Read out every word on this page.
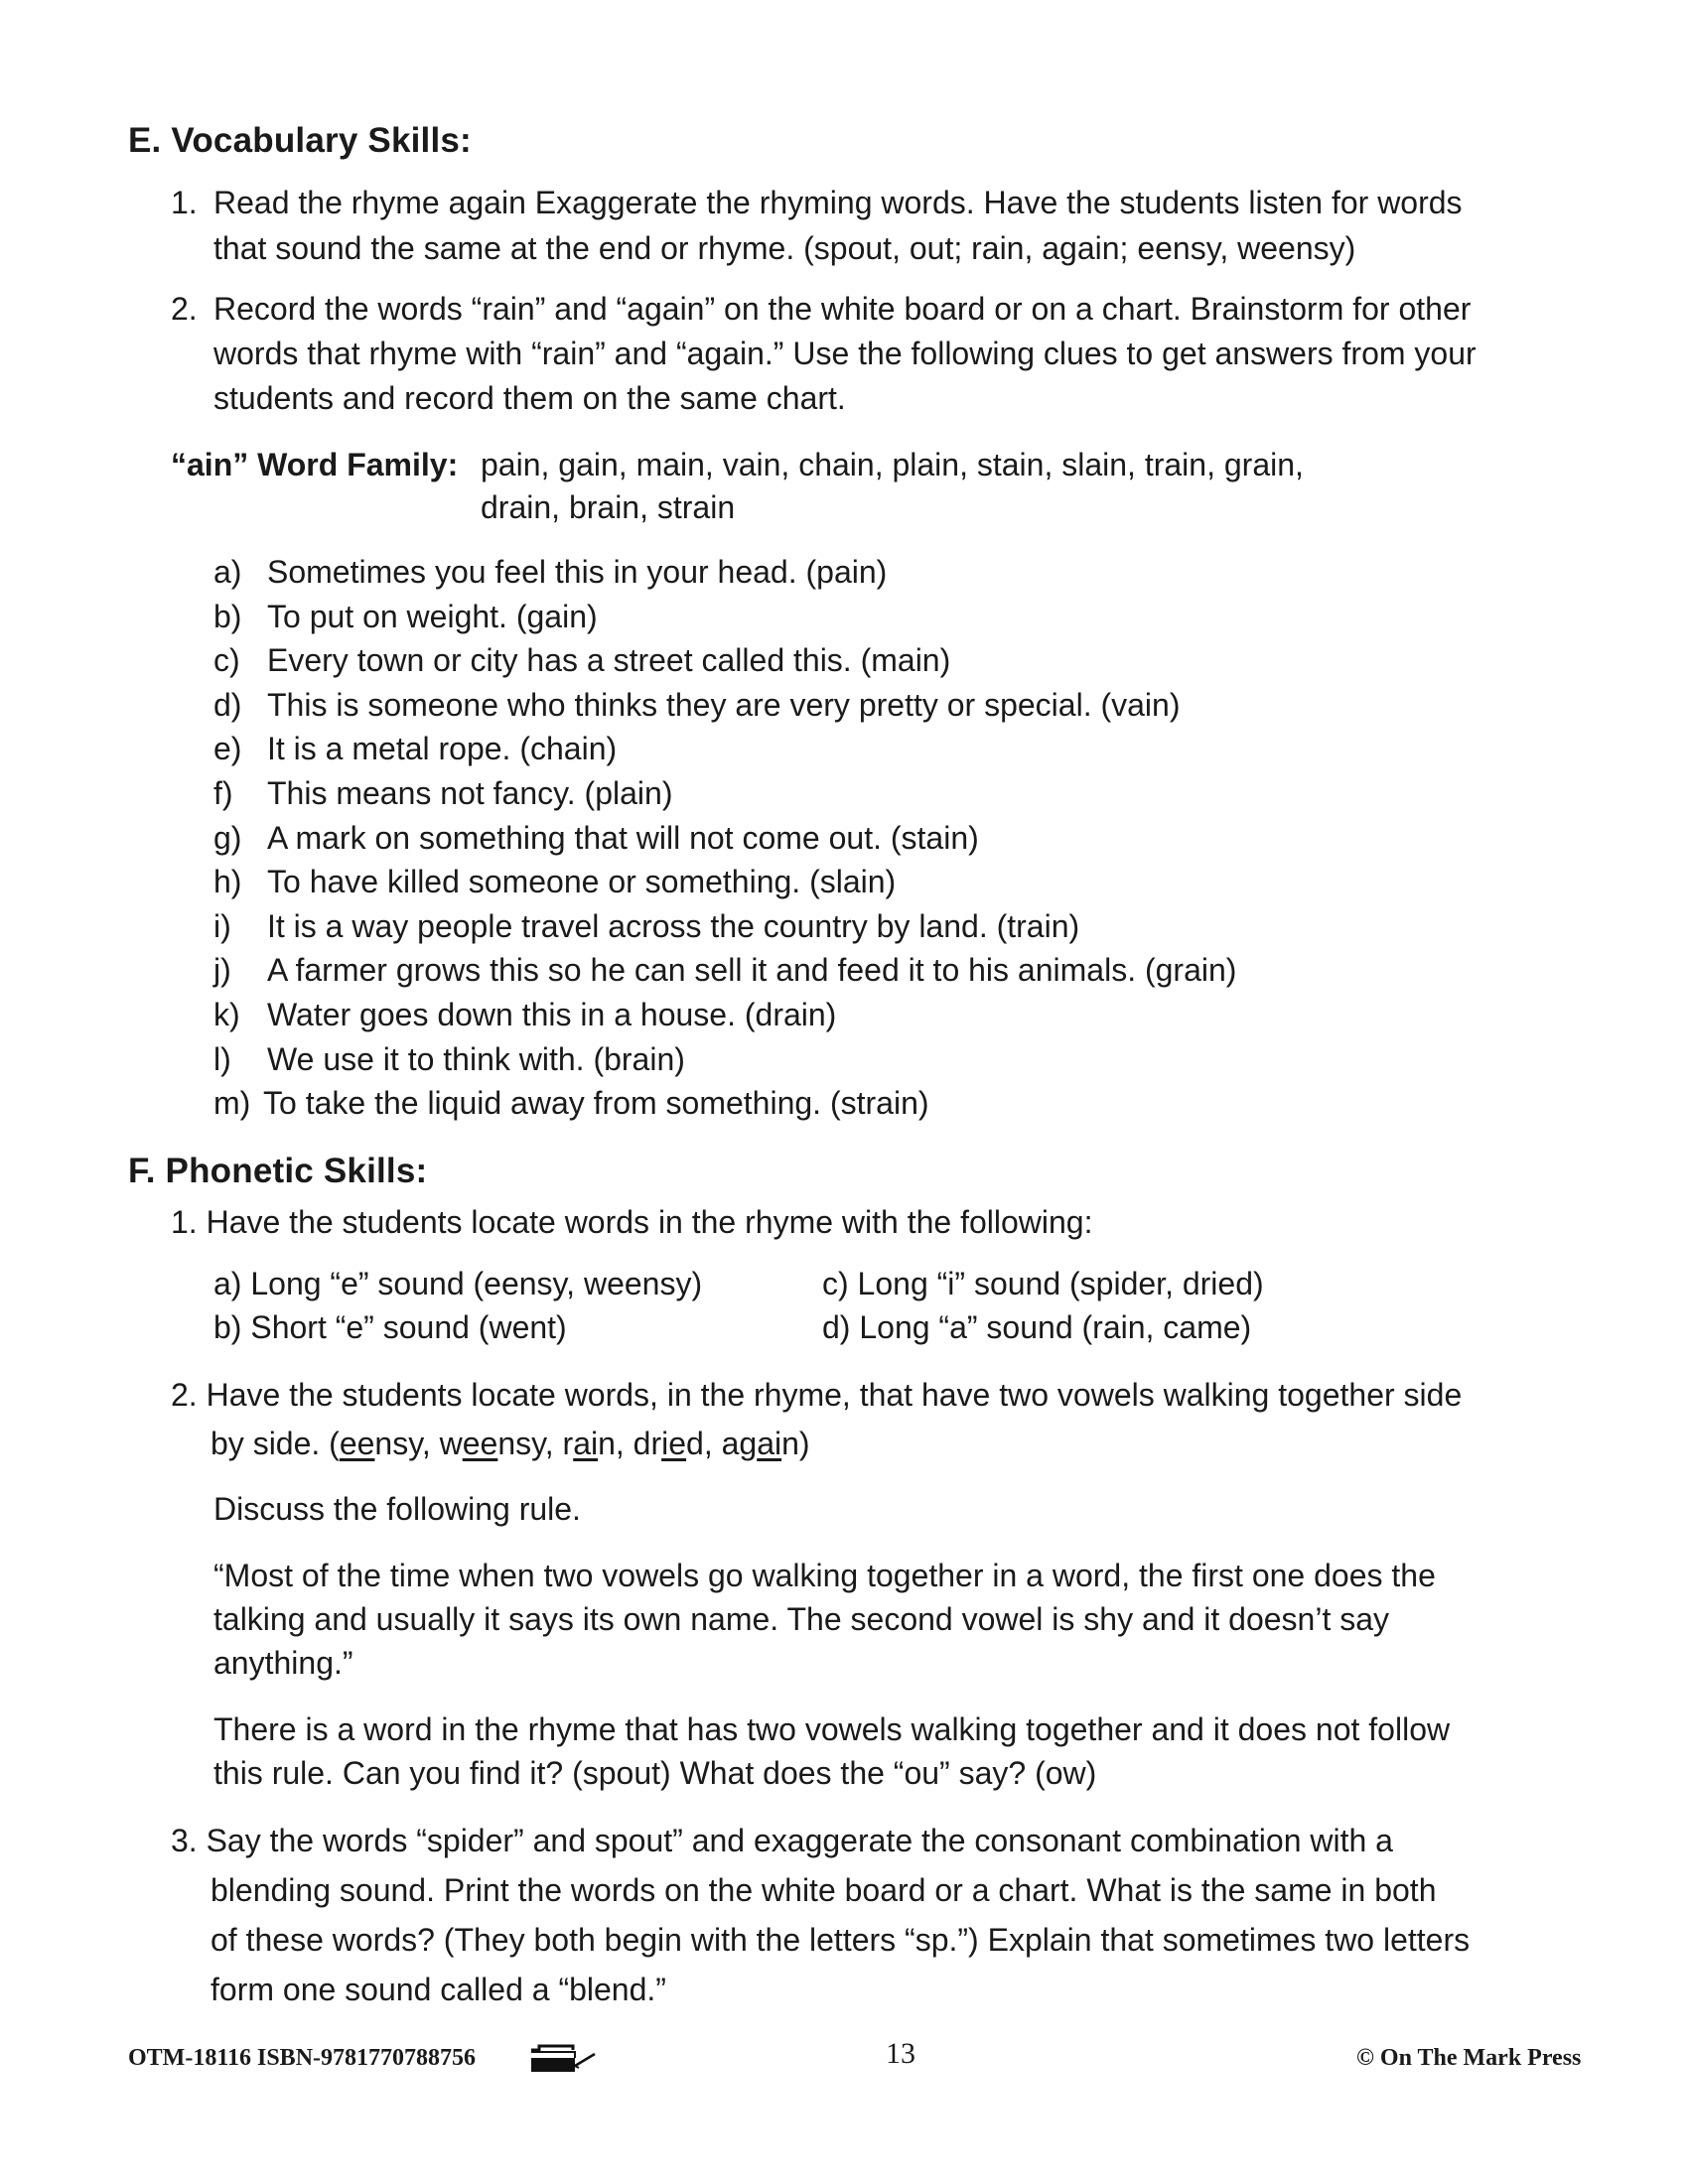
E. Vocabulary Skills:
1. Read the rhyme again Exaggerate the rhyming words. Have the students listen for words
that sound the same at the end or rhyme. (spout, out; rain, again; eensy, weensy)
2. Record the words “rain” and “again” on the white board or on a chart. Brainstorm for other
words that rhyme with “rain” and “again.” Use the following clues to get answers from your
students and record them on the same chart.
“ain” Word Family: pain, gain, main, vain, chain, plain, stain, slain, train, grain,
drain, brain, strain
a) Sometimes you feel this in your head. (pain)
b) To put on weight. (gain)
c) Every town or city has a street called this. (main)
d) This is someone who thinks they are very pretty or special. (vain)
e) It is a metal rope. (chain)
f) This means not fancy. (plain)
g) A mark on something that will not come out. (stain)
h) To have killed someone or something. (slain)
i) It is a way people travel across the country by land. (train)
j) A farmer grows this so he can sell it and feed it to his animals. (grain)
k) Water goes down this in a house. (drain)
l) We use it to think with. (brain)
m) To take the liquid away from something. (strain)
F. Phonetic Skills:
1. Have the students locate words in the rhyme with the following:
a) Long “e” sound (eensy, weensy)
b) Short “e” sound (went)
c) Long “i” sound (spider, dried)
d) Long “a” sound (rain, came)
2. Have the students locate words, in the rhyme, that have two vowels walking together side
by side. (eensy, weensy, rain, dried, again)
Discuss the following rule.
“Most of the time when two vowels go walking together in a word, the first one does the
talking and usually it says its own name. The second vowel is shy and it doesn’t say
anything.”
There is a word in the rhyme that has two vowels walking together and it does not follow
this rule. Can you find it? (spout) What does the “ou” say? (ow)
3. Say the words “spider” and spout” and exaggerate the consonant combination with a
blending sound. Print the words on the white board or a chart. What is the same in both
of these words? (They both begin with the letters “sp.”) Explain that sometimes two letters
form one sound called a “blend.”
OTM-18116 ISBN-9781770788756	13	© On The Mark Press
